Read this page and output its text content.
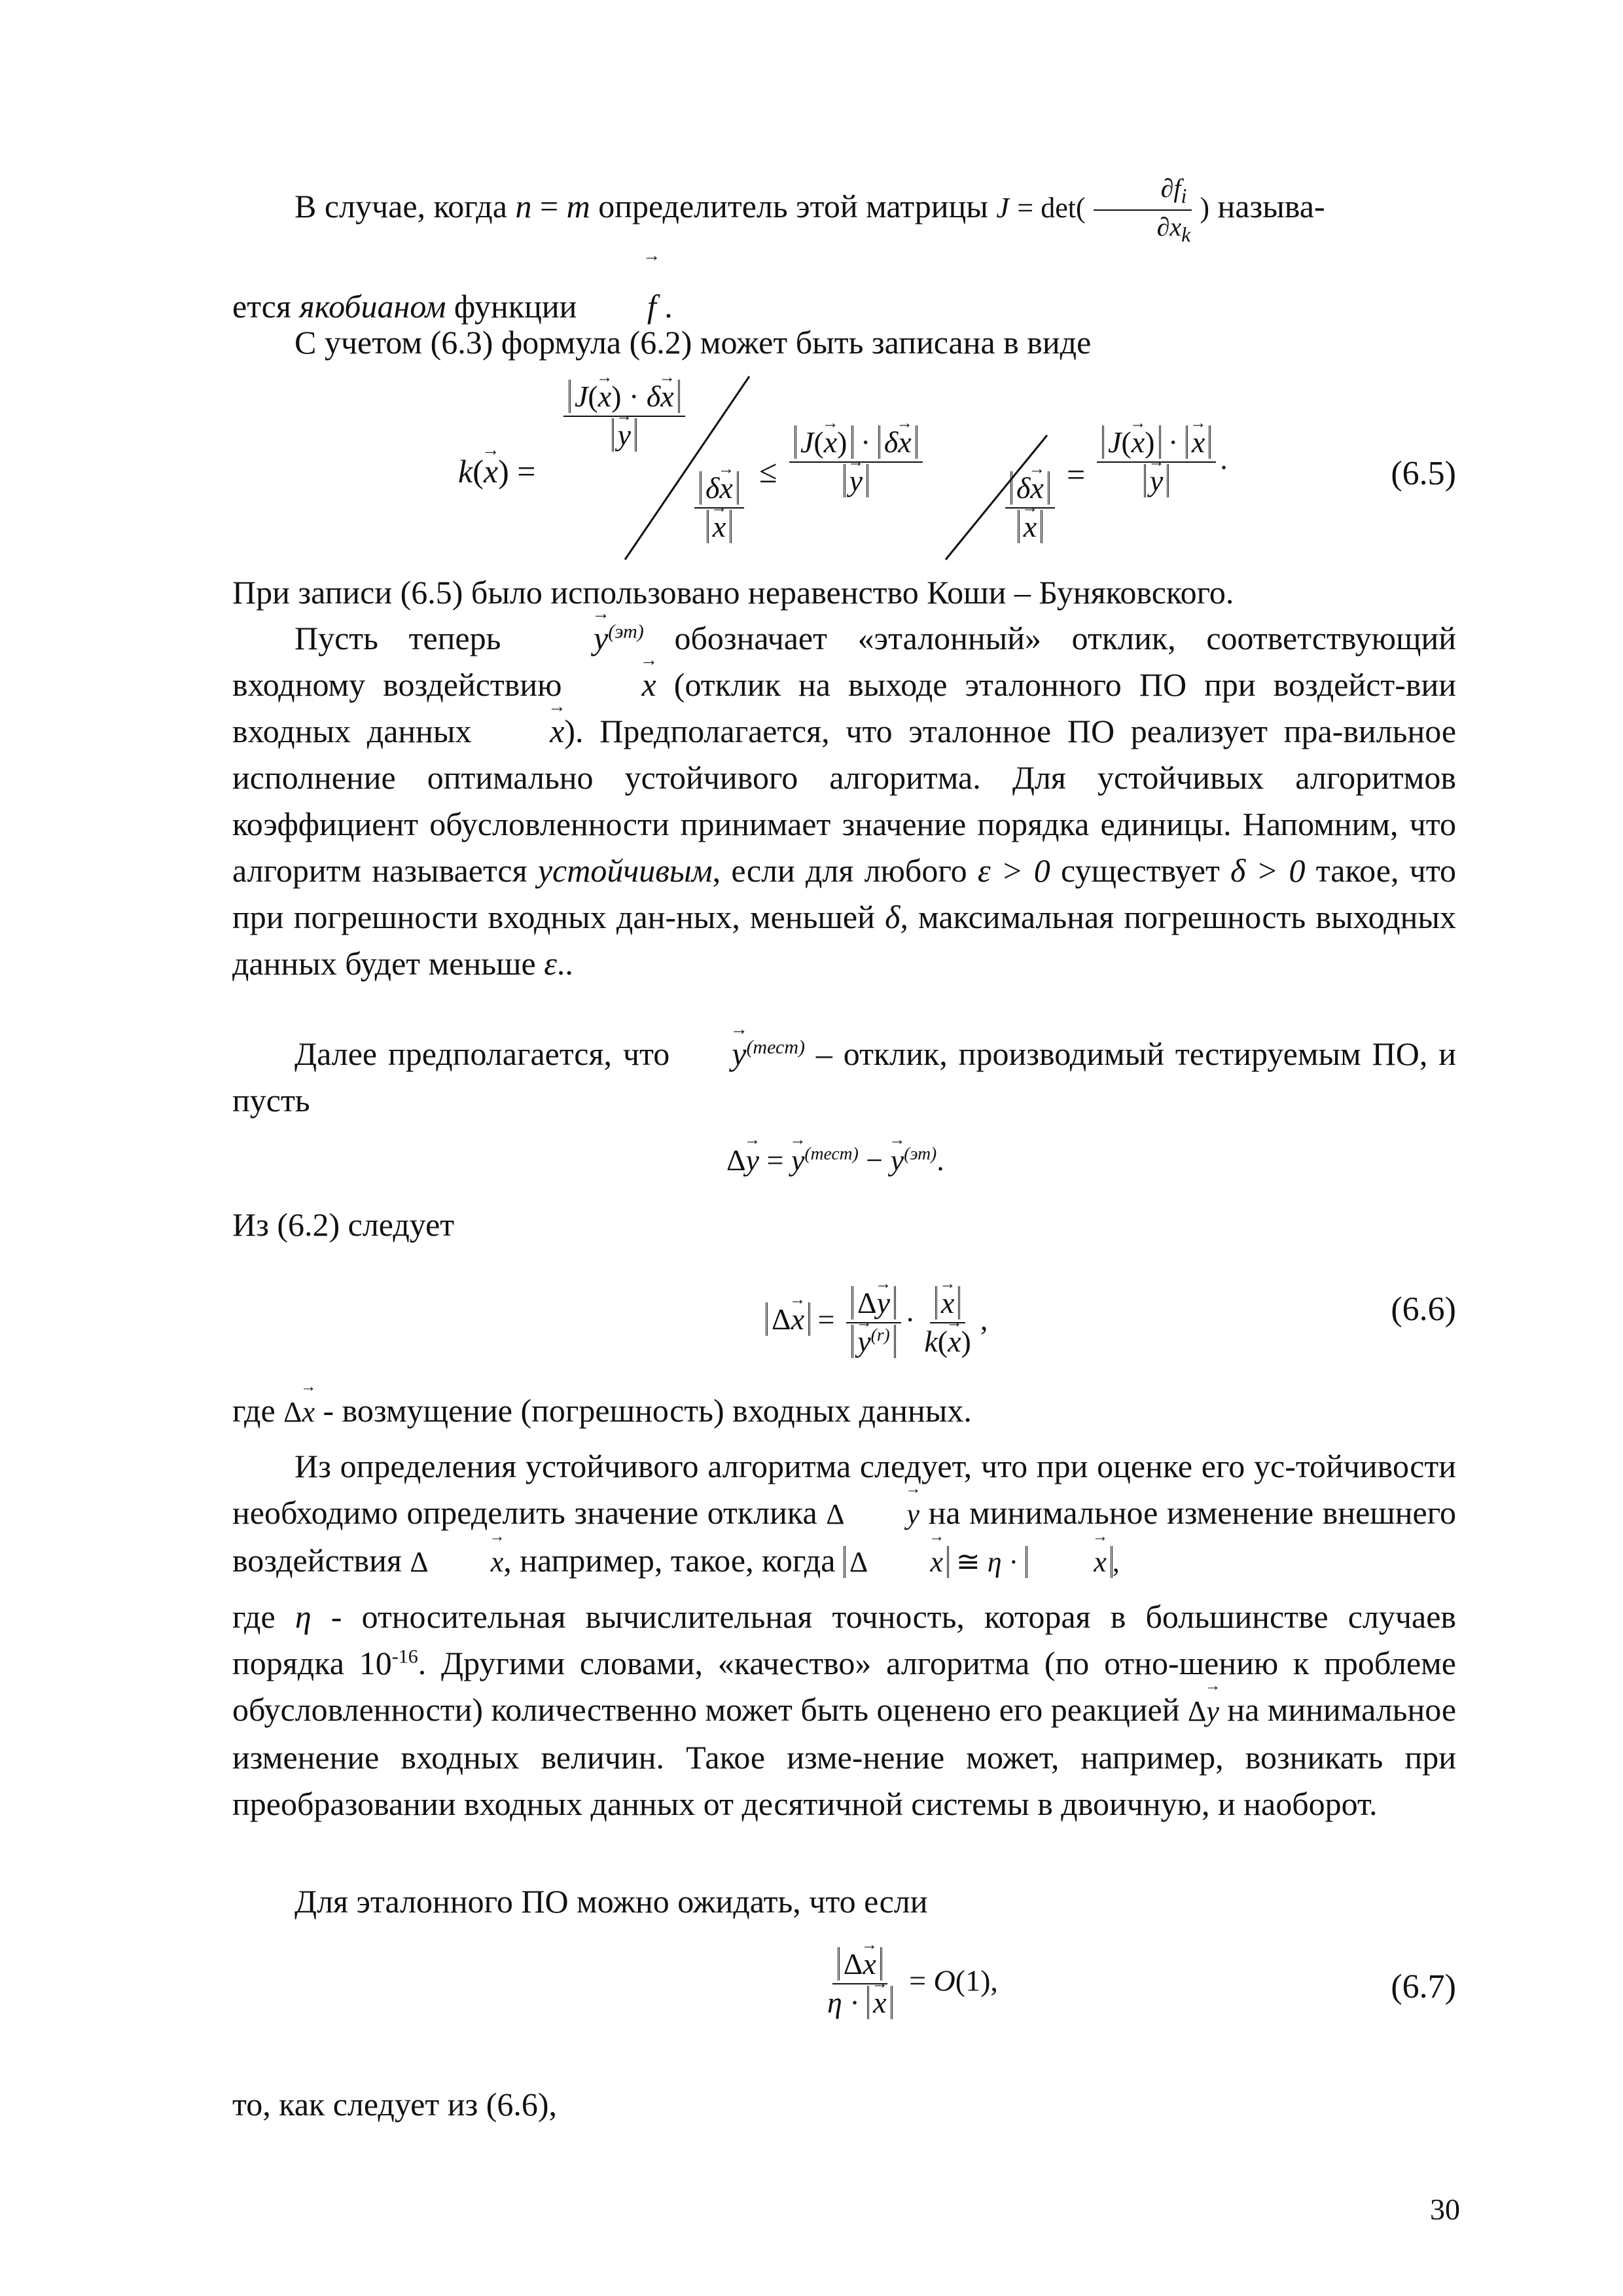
В случае, когда n = m определитель этой матрицы $J = \det( \frac{\partial f_i}{\partial x_k}$ ) называ-
ется якобианом функции → f .

С учетом (6.3) формула (6.2) может быть записана в виде

k(→ x) =
J(→ x) · δ→ x
→ y
δ→ x
→ x ≤ J(→ x) · δ→ x
→ y
δ→ x
→ x = J(→ x) · → x
→ y .	(6.5)

При записи (6.5) было использовано неравенство Коши – Буняковского.

Пусть теперь →	$y^{(эт)}$ обозначает «эталонный» отклик, соответствующий входному воздействию → x (отклик на выходе эталонного ПО при воздейст-вии входных данных → x). Предполагается, что эталонное ПО реализует пра-вильное исполнение оптимально устойчивого алгоритма. Для устойчивых алгоритмов коэффициент обусловленности принимает значение порядка единицы. Напомним, что алгоритм называется устойчивым, если для любого ε > 0 существует δ > 0 такое, что при погрешности входных дан-ных, меньшей δ, максимальная погрешность выходных данных будет меньше ε..

Далее предполагается, $что\to y^{(тест)}$ – отклик, производимый тестируемым ПО, и пусть

Δ→ y = → $y^{(тест)}$ − → $y^{(эт)}$.

Из (6.2) следует

Δ→ x = Δ→ y
→ $y^{(r)}$ ·
→ $\frac{x}{k(\to x)}$ ,	(6.6)

где Δ→ x - возмущение (погрешность) входных данных.

Из определения устойчивого алгоритма следует, что при оценке его ус-тойчивости необходимо определить значение отклика Δ→ y на минимальное изменение внешнего воздействия Δ→ x, например, такое, когда Δ→ x ≅ η · → x ,

где η - относительная вычислительная точность, которая в большинстве случаев порядка $10^{-16}$. Другими словами, «качество» алгоритма (по отно-шению к проблеме обусловленности) количественно может быть оценено его реакцией Δ→ y на минимальное изменение входных величин. Такое изме-нение может, например, возникать при преобразовании входных данных от десятичной системы в двоичную, и наоборот.

Для эталонного ПО можно ожидать, что если

$\frac{\Delta\to x}{\eta \cdot \to x} = O(1)$,	(6.7)

то, как следует из (6.6),

30
